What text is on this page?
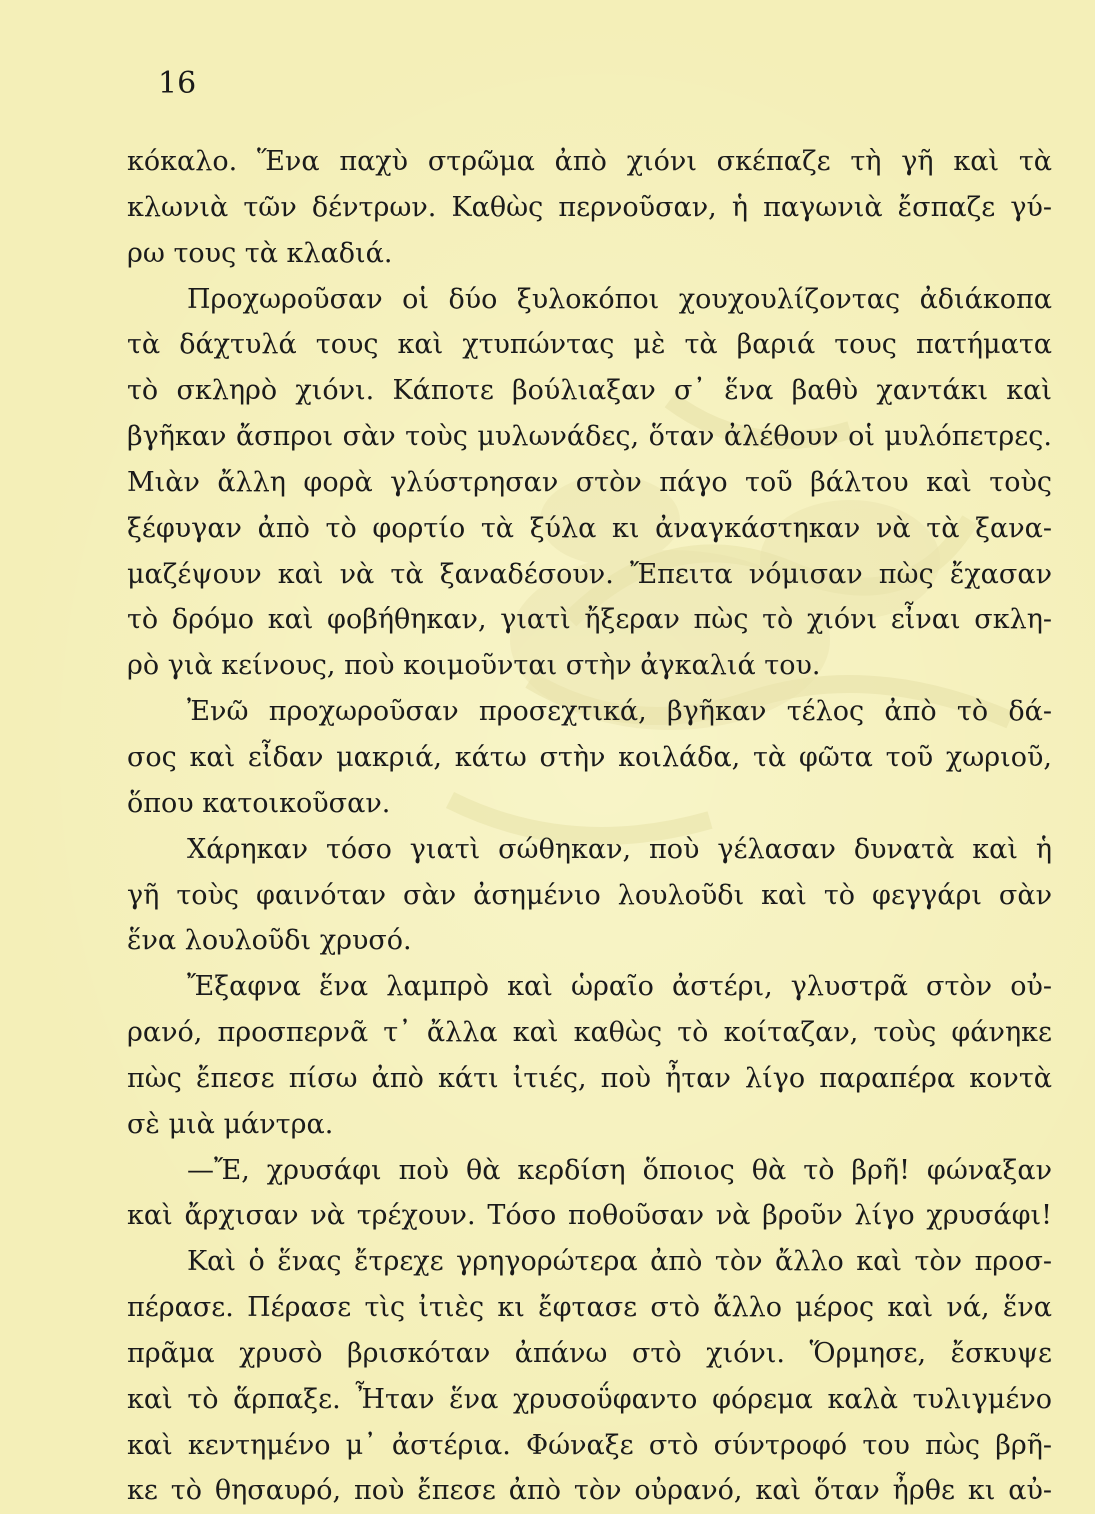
16
κόκαλο. Ἕνα παχὺ στρῶμα ἀπὸ χιόνι σκέπαζε τὴ γῆ καὶ τὰ
κλωνιὰ τῶν δέντρων. Καθὼς περνοῦσαν, ἡ παγωνιὰ ἔσπαζε γύ-
ρω τους τὰ κλαδιά.
Προχωροῦσαν οἱ δύο ξυλοκόποι χουχουλίζοντας ἀδιάκοπα
τὰ δάχτυλά τους καὶ χτυπώντας μὲ τὰ βαριά τους πατήματα
τὸ σκληρὸ χιόνι. Κάποτε βούλιαξαν σ᾽ ἕνα βαθὺ χαντάκι καὶ
βγῆκαν ἄσπροι σὰν τοὺς μυλωνάδες, ὅταν ἀλέθουν οἱ μυλόπετρες.
Μιὰν ἄλλη φορὰ γλύστρησαν στὸν πάγο τοῦ βάλτου καὶ τοὺς
ξέφυγαν ἀπὸ τὸ φορτίο τὰ ξύλα κι ἀναγκάστηκαν νὰ τὰ ξανα-
μαζέψουν καὶ νὰ τὰ ξαναδέσουν. Ἔπειτα νόμισαν πὼς ἔχασαν
τὸ δρόμο καὶ φοβήθηκαν, γιατὶ ἤξεραν πὼς τὸ χιόνι εἶναι σκλη-
ρὸ γιὰ κείνους, ποὺ κοιμοῦνται στὴν ἀγκαλιά του.
Ἐνῶ προχωροῦσαν προσεχτικά, βγῆκαν τέλος ἀπὸ τὸ δά-
σος καὶ εἶδαν μακριά, κάτω στὴν κοιλάδα, τὰ φῶτα τοῦ χωριοῦ,
ὅπου κατοικοῦσαν.
Χάρηκαν τόσο γιατὶ σώθηκαν, ποὺ γέλασαν δυνατὰ καὶ ἡ
γῆ τοὺς φαινόταν σὰν ἀσημένιο λουλοῦδι καὶ τὸ φεγγάρι σὰν
ἕνα λουλοῦδι χρυσό.
Ἔξαφνα ἕνα λαμπρὸ καὶ ὡραῖο ἀστέρι, γλυστρᾶ στὸν οὐ-
ρανό, προσπερνᾶ τ᾽ ἄλλα καὶ καθὼς τὸ κοίταζαν, τοὺς φάνηκε
πὼς ἔπεσε πίσω ἀπὸ κάτι ἰτιές, ποὺ ἦταν λίγο παραπέρα κοντὰ
σὲ μιὰ μάντρα.
—Ἔ, χρυσάφι ποὺ θὰ κερδίση ὅποιος θὰ τὸ βρῆ! φώναξαν
καὶ ἄρχισαν νὰ τρέχουν. Τόσο ποθοῦσαν νὰ βροῦν λίγο χρυσάφι!
Καὶ ὁ ἕνας ἔτρεχε γρηγορώτερα ἀπὸ τὸν ἄλλο καὶ τὸν προσ-
πέρασε. Πέρασε τὶς ἰτιὲς κι ἔφτασε στὸ ἄλλο μέρος καὶ νά, ἕνα
πρᾶμα χρυσὸ βρισκόταν ἀπάνω στὸ χιόνι. Ὅρμησε, ἔσκυψε
καὶ τὸ ἅρπαξε. Ἦταν ἕνα χρυσοΰφαντο φόρεμα καλὰ τυλιγμένο
καὶ κεντημένο μ᾽ ἀστέρια. Φώναξε στὸ σύντροφό του πὼς βρῆ-
κε τὸ θησαυρό, ποὺ ἔπεσε ἀπὸ τὸν οὐρανό, καὶ ὅταν ἦρθε κι αὐ-
